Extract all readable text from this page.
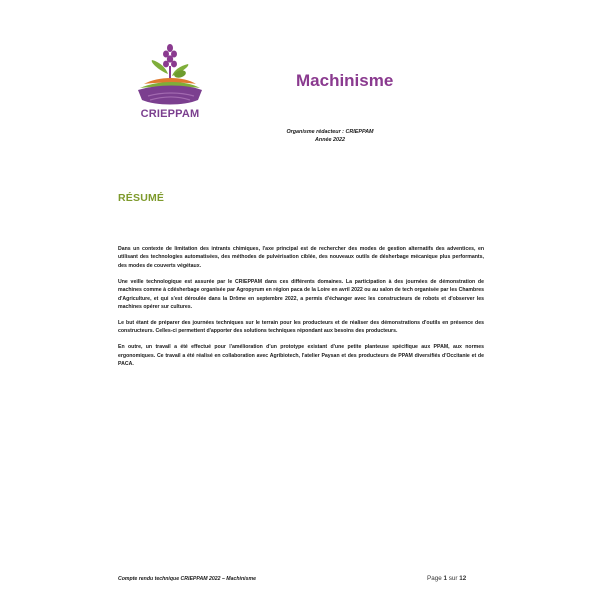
CRIEPPAM
Machinisme
Organisme rédacteur : CRIEPPAM
Année 2022
RÉSUMÉ

Dans un contexte de limitation des intrants chimiques, l'axe principal est de rechercher des modes de gestion alternatifs des adventices, en utilisant des technologies automatisées, des méthodes de pulvérisation ciblée, des nouveaux outils de désherbage mécanique plus performants, des modes de couverts végétaux.

Une veille technologique est assurée par le CRIEPPAM dans ces différents domaines. La participation à des journées de démonstration de machines comme à cdésherbage organisée par Agropyrum en région paca de la Loire en avril 2022 ou au salon de tech organisée par les Chambres d'Agriculture, et qui s'est déroulée dans la Drôme en septembre 2022, a permis d'échanger avec les constructeurs de robots et d'observer les machines opérer sur cultures.

Le but étant de préparer des journées techniques sur le terrain pour les producteurs et de réaliser des démonstrations d'outils en présence des constructeurs. Celles-ci permettent d'apporter des solutions techniques répondant aux besoins des producteurs.

En outre, un travail a été effectué pour l'amélioration d'un prototype existant d'une petite planteuse spécifique aux PPAM, aux normes ergonomiques. Ce travail a été réalisé en collaboration avec Agribiotech, l'atelier Paysan et des producteurs de PPAM diversifiés d'Occitanie et de PACA.

Compte rendu technique CRIEPPAM 2022 – Machinisme	Page 1 sur 12
